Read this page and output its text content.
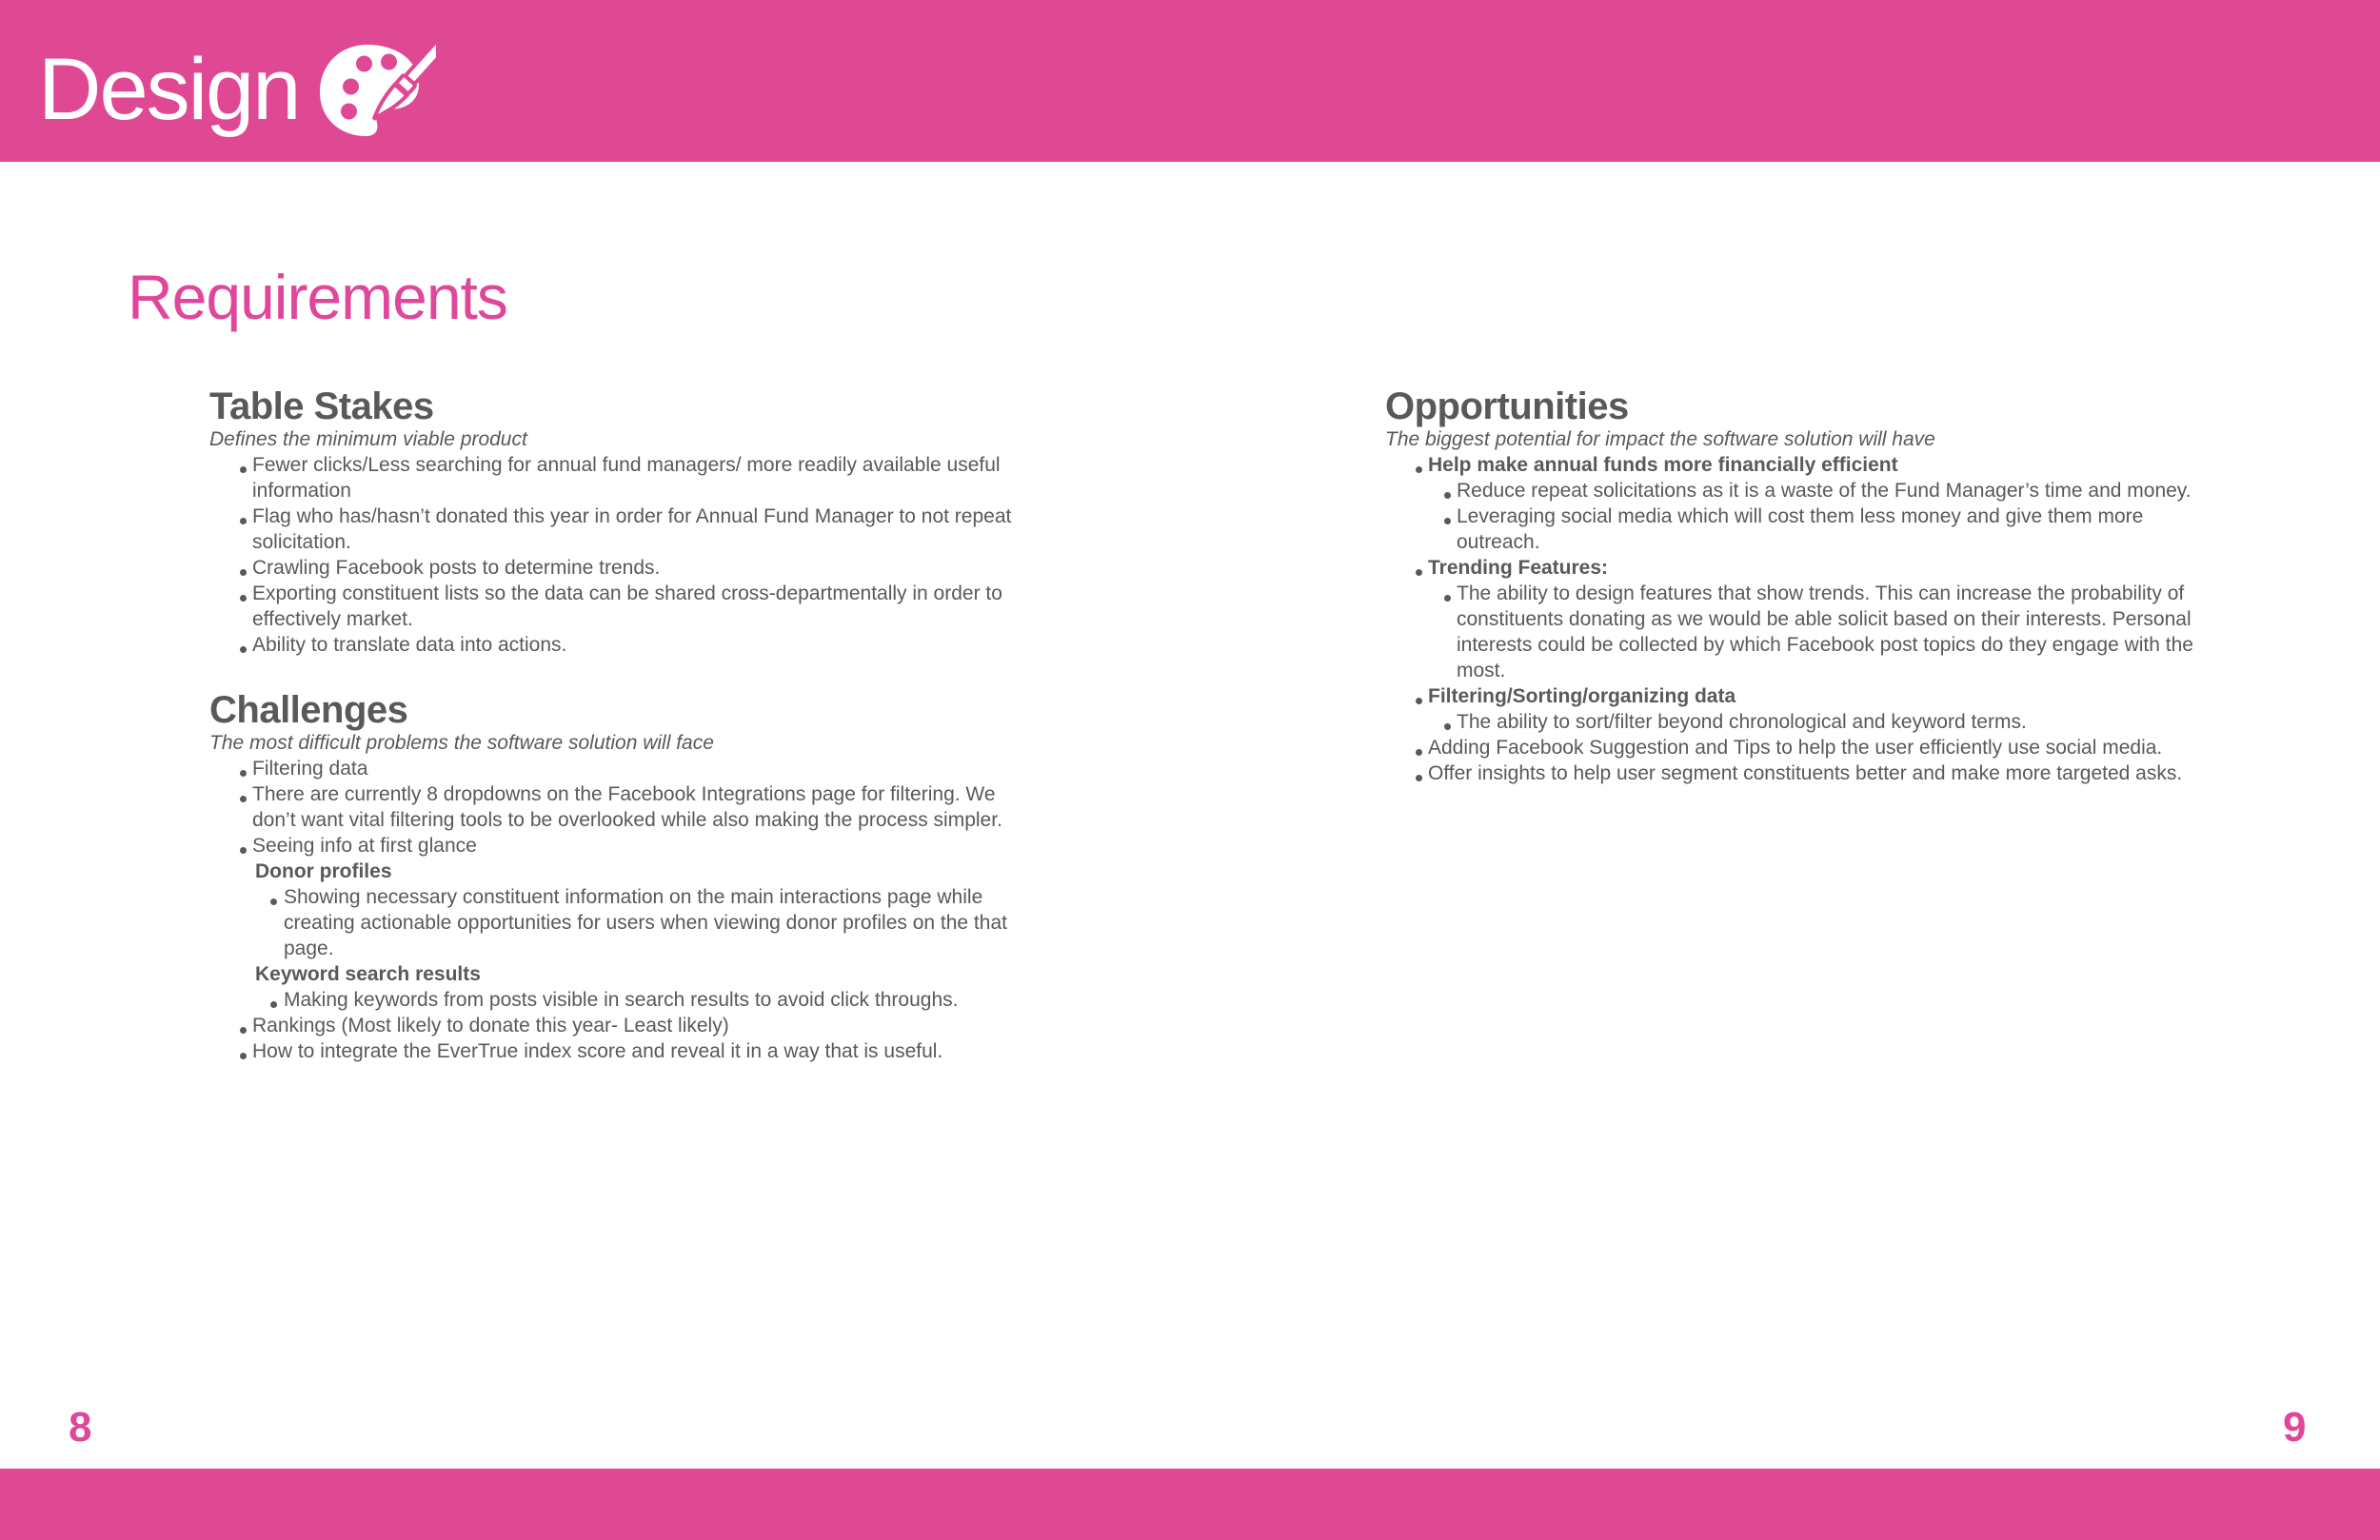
Design
Requirements
Table Stakes

Defines the minimum viable product

Fewer clicks/Less searching for annual fund managers/ more readily available useful information
Flag who has/hasn’t donated this year in order for Annual Fund Manager to not repeat solicitation.
Crawling Facebook posts to determine trends.
Exporting constituent lists so the data can be shared cross-departmentally in order to effectively market.
Ability to translate data into actions.
Challenges

The most difficult problems the software solution will face

Filtering data
There are currently 8 dropdowns on the Facebook Integrations page for filtering. We don’t want vital filtering tools to be overlooked while also making the process simpler.
Seeing info at first glance
Donor profiles
Showing necessary constituent information on the main interactions page while creating actionable opportunities for users when viewing donor profiles on the that page.
Keyword search results
Making keywords from posts visible in search results to avoid click throughs.
Rankings (Most likely to donate this year- Least likely)
How to integrate the EverTrue index score and reveal it in a way that is useful.
Opportunities

The biggest potential for impact the software solution will have

Help make annual funds more financially efficient
Reduce repeat solicitations as it is a waste of the Fund Manager’s time and money.
Leveraging social media which will cost them less money and give them more outreach.
Trending Features:
The ability to design features that show trends. This can increase the probability of constituents donating as we would be able solicit based on their interests. Personal interests could be collected by which Facebook post topics do they engage with the most.
Filtering/Sorting/organizing data
The ability to sort/filter beyond chronological and keyword terms.
Adding Facebook Suggestion and Tips to help the user efficiently use social media.
Offer insights to help user segment constituents better and make more targeted asks.
8	9
